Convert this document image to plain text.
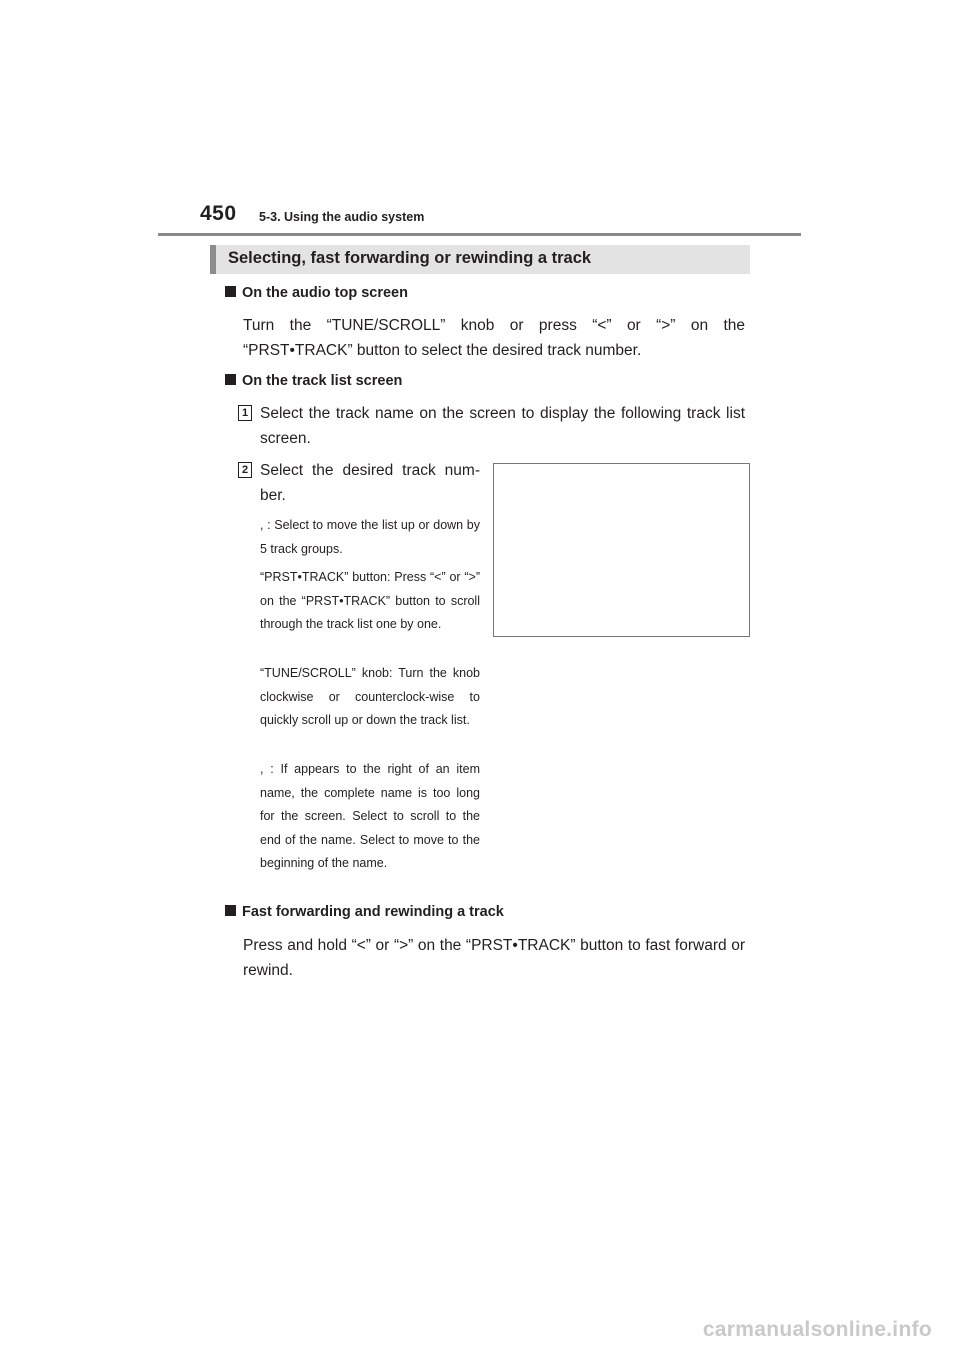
450 5-3. Using the audio system
Selecting, fast forwarding or rewinding a track
On the audio top screen
Turn the “TUNE/SCROLL” knob or press “<” or “>” on the “PRST•TRACK” button to select the desired track number.
On the track list screen
1 Select the track name on the screen to display the following track list screen.
2 Select the desired track num-ber.
, : Select to move the list up or down by 5 track groups.
“PRST•TRACK” button: Press “<” or “>” on the “PRST•TRACK” button to scroll through the track list one by one.
“TUNE/SCROLL” knob: Turn the knob clockwise or counterclock-wise to quickly scroll up or down the track list.
, : If appears to the right of an item name, the complete name is too long for the screen. Select to scroll to the end of the name. Select to move to the beginning of the name.
Fast forwarding and rewinding a track
Press and hold “<” or “>” on the “PRST•TRACK” button to fast forward or rewind.
carmanualsonline.info
